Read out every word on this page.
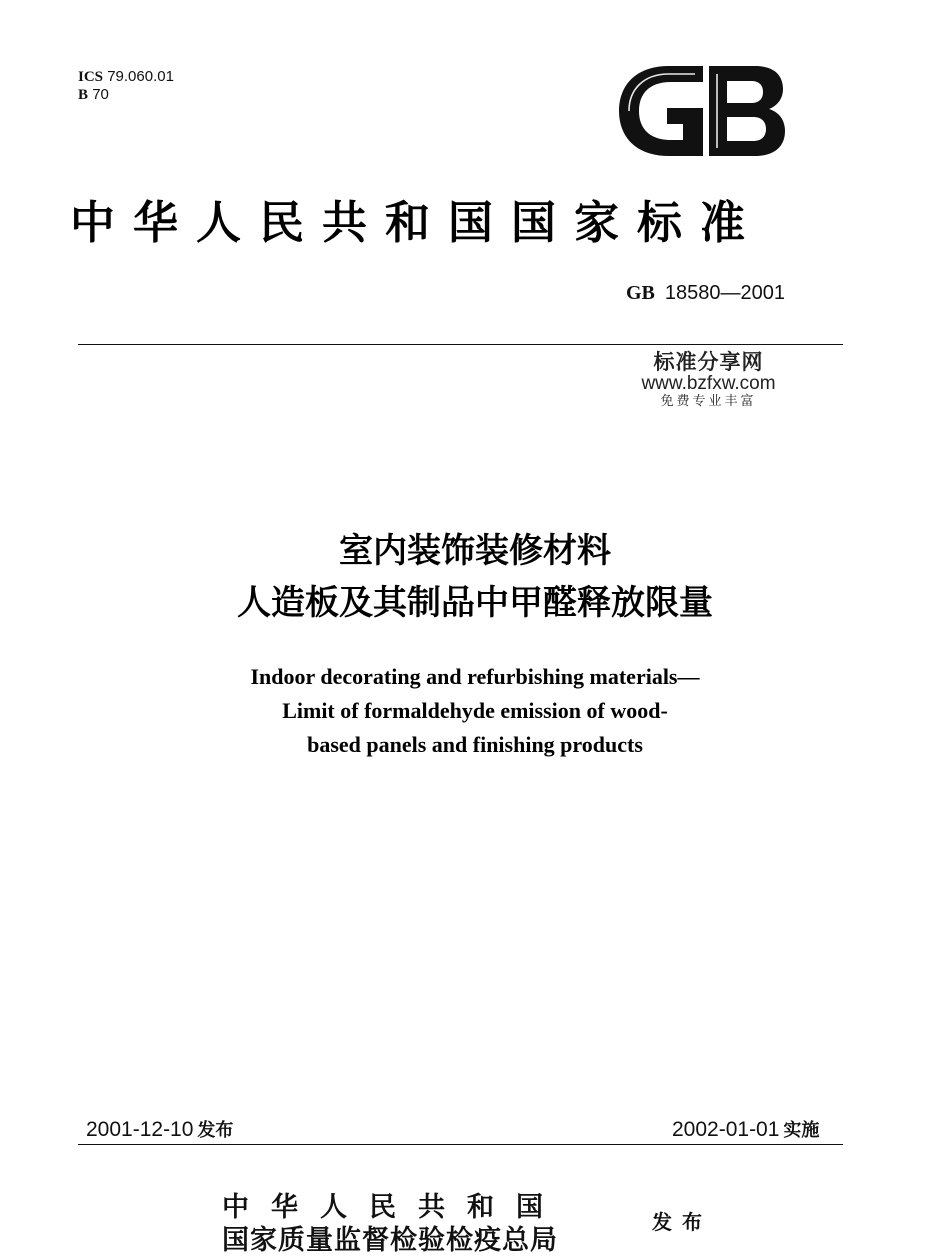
ICS 79.060.01
B 70
中华人民共和国国家标准
GB 18580—2001
标准分享网
www.bzfxw.com
免费专业丰富
室内装饰装修材料
人造板及其制品中甲醛释放限量
Indoor decorating and refurbishing materials—
Limit of formaldehyde emission of wood-
based panels and finishing products
2001-12-10 发布	2002-01-01 实施
中华人民共和国
国家质量监督检验检疫总局
发布
